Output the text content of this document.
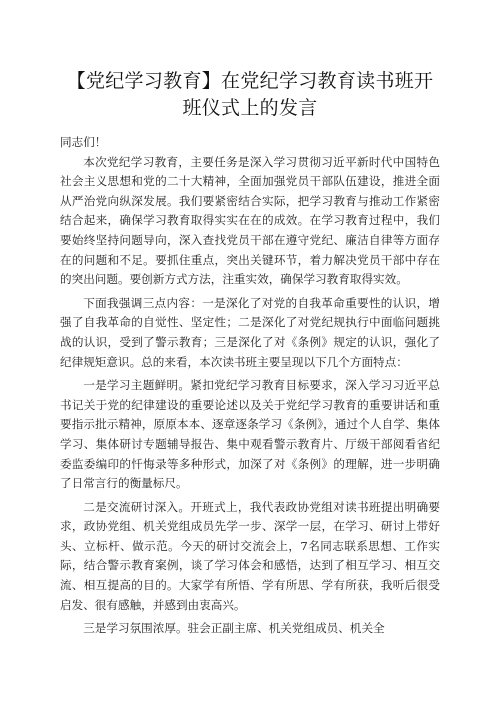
【党纪学习教育】在党纪学习教育读书班开班仪式上的发言

同志们！

本次党纪学习教育，主要任务是深入学习贯彻习近平新时代中国特色社会主义思想和党的二十大精神，全面加强党员干部队伍建设，推进全面从严治党向纵深发展。我们要紧密结合实际，把学习教育与推动工作紧密结合起来，确保学习教育取得实实在在的成效。在学习教育过程中，我们要始终坚持问题导向，深入查找党员干部在遵守党纪、廉洁自律等方面存在的问题和不足。要抓住重点，突出关键环节，着力解决党员干部中存在的突出问题。要创新方式方法，注重实效，确保学习教育取得实效。

下面我强调三点内容：一是深化了对党的自我革命重要性的认识，增强了自我革命的自觉性、坚定性；二是深化了对党纪规执行中面临问题挑战的认识，受到了警示教育；三是深化了对《条例》规定的认识，强化了纪律规矩意识。总的来看，本次读书班主要呈现以下几个方面特点：

一是学习主题鲜明。紧扣党纪学习教育目标要求，深入学习习近平总书记关于党的纪律建设的重要论述以及关于党纪学习教育的重要讲话和重要指示批示精神，原原本本、逐章逐条学习《条例》，通过个人自学、集体学习、集体研讨专题辅导报告、集中观看警示教育片、厅级干部阅看省纪委监委编印的忏悔录等多种形式，加深了对《条例》的理解，进一步明确了日常言行的衡量标尺。

二是交流研讨深入。开班式上，我代表政协党组对读书班提出明确要求，政协党组、机关党组成员先学一步、深学一层，在学习、研讨上带好头、立标杆、做示范。今天的研讨交流会上，7名同志联系思想、工作实际，结合警示教育案例，谈了学习体会和感悟，达到了相互学习、相互交流、相互提高的目的。大家学有所悟、学有所思、学有所获，我听后很受启发、很有感触，并感到由衷高兴。

三是学习氛围浓厚。驻会正副主席、机关党组成员、机关全
